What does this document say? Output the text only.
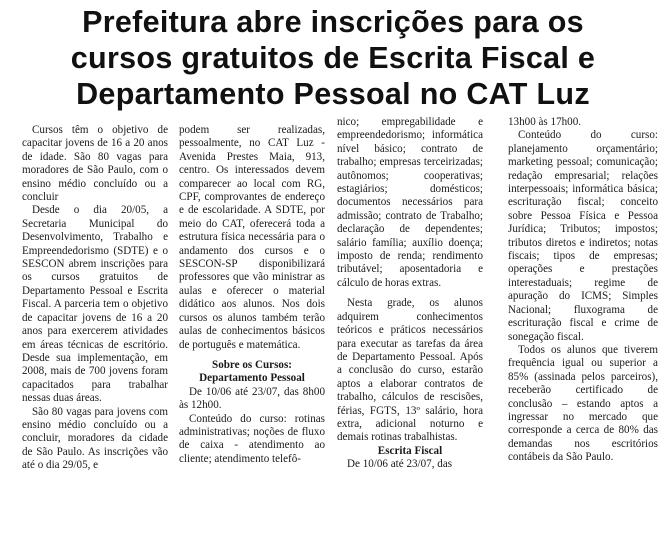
Prefeitura abre inscrições para os
cursos gratuitos de Escrita Fiscal e
Departamento Pessoal no CAT Luz

Cursos têm o objetivo de capacitar jovens de 16 a 20 anos de idade. São 80 vagas para moradores de São Paulo, com o ensino médio concluído ou a concluir

Desde o dia 20/05, a Secretaria Municipal do Desenvolvimento, Trabalho e Empreendedorismo (SDTE) e o SESCON abrem inscrições para os cursos gratuitos de Departamento Pessoal e Escrita Fiscal. A parceria tem o objetivo de capacitar jovens de 16 a 20 anos para exercerem atividades em áreas técnicas de escritório. Desde sua implementação, em 2008, mais de 700 jovens foram capacitados para trabalhar nessas duas áreas.

São 80 vagas para jovens com ensino médio concluído ou a concluir, moradores da cidade de São Paulo. As inscrições vão até o dia 29/05, e

podem ser realizadas, pessoalmente, no CAT Luz - Avenida Prestes Maia, 913, centro. Os interessados devem comparecer ao local com RG, CPF, comprovantes de endereço e de escolaridade. A SDTE, por meio do CAT, oferecerá toda a estrutura física necessária para o andamento dos cursos e o SESCON-SP disponibilizará professores que vão ministrar as aulas e oferecer o material didático aos alunos. Nos dois cursos os alunos também terão aulas de conhecimentos básicos de português e matemática.

Sobre os Cursos:

Departamento Pessoal

De 10/06 até 23/07, das 8h00 às 12h00.

Conteúdo do curso: rotinas administrativas; noções de fluxo de caixa - atendimento ao cliente; atendimento telefô-

nico; empregabilidade e empreendedorismo; informática nível básico; contrato de trabalho; empresas terceirizadas; autônomos; cooperativas; estagiários; domésticos; documentos necessários para admissão; contrato de Trabalho; declaração de dependentes; salário família; auxílio doença; imposto de renda; rendimento tributável; aposentadoria e cálculo de horas extras.

Nesta grade, os alunos adquirem conhecimentos teóricos e práticos necessários para executar as tarefas da área de Departamento Pessoal. Após a conclusão do curso, estarão aptos a elaborar contratos de trabalho, cálculos de rescisões, férias, FGTS, 13º salário, hora extra, adicional noturno e demais rotinas trabalhistas.

Escrita Fiscal

De 10/06 até 23/07, das

13h00 às 17h00.

Conteúdo do curso: planejamento orçamentário; marketing pessoal; comunicação; redação empresarial; relações interpessoais; informática básica; escrituração fiscal; conceito sobre Pessoa Física e Pessoa Jurídica; Tributos; impostos; tributos diretos e indiretos; notas fiscais; tipos de empresas; operações e prestações interestaduais; regime de apuração do ICMS; Simples Nacional; fluxograma de escrituração fiscal e crime de sonegação fiscal.

Todos os alunos que tiverem frequência igual ou superior a 85% (assinada pelos parceiros), receberão certificado de conclusão – estando aptos a ingressar no mercado que corresponde a cerca de 80% das demandas nos escritórios contábeis da São Paulo.
